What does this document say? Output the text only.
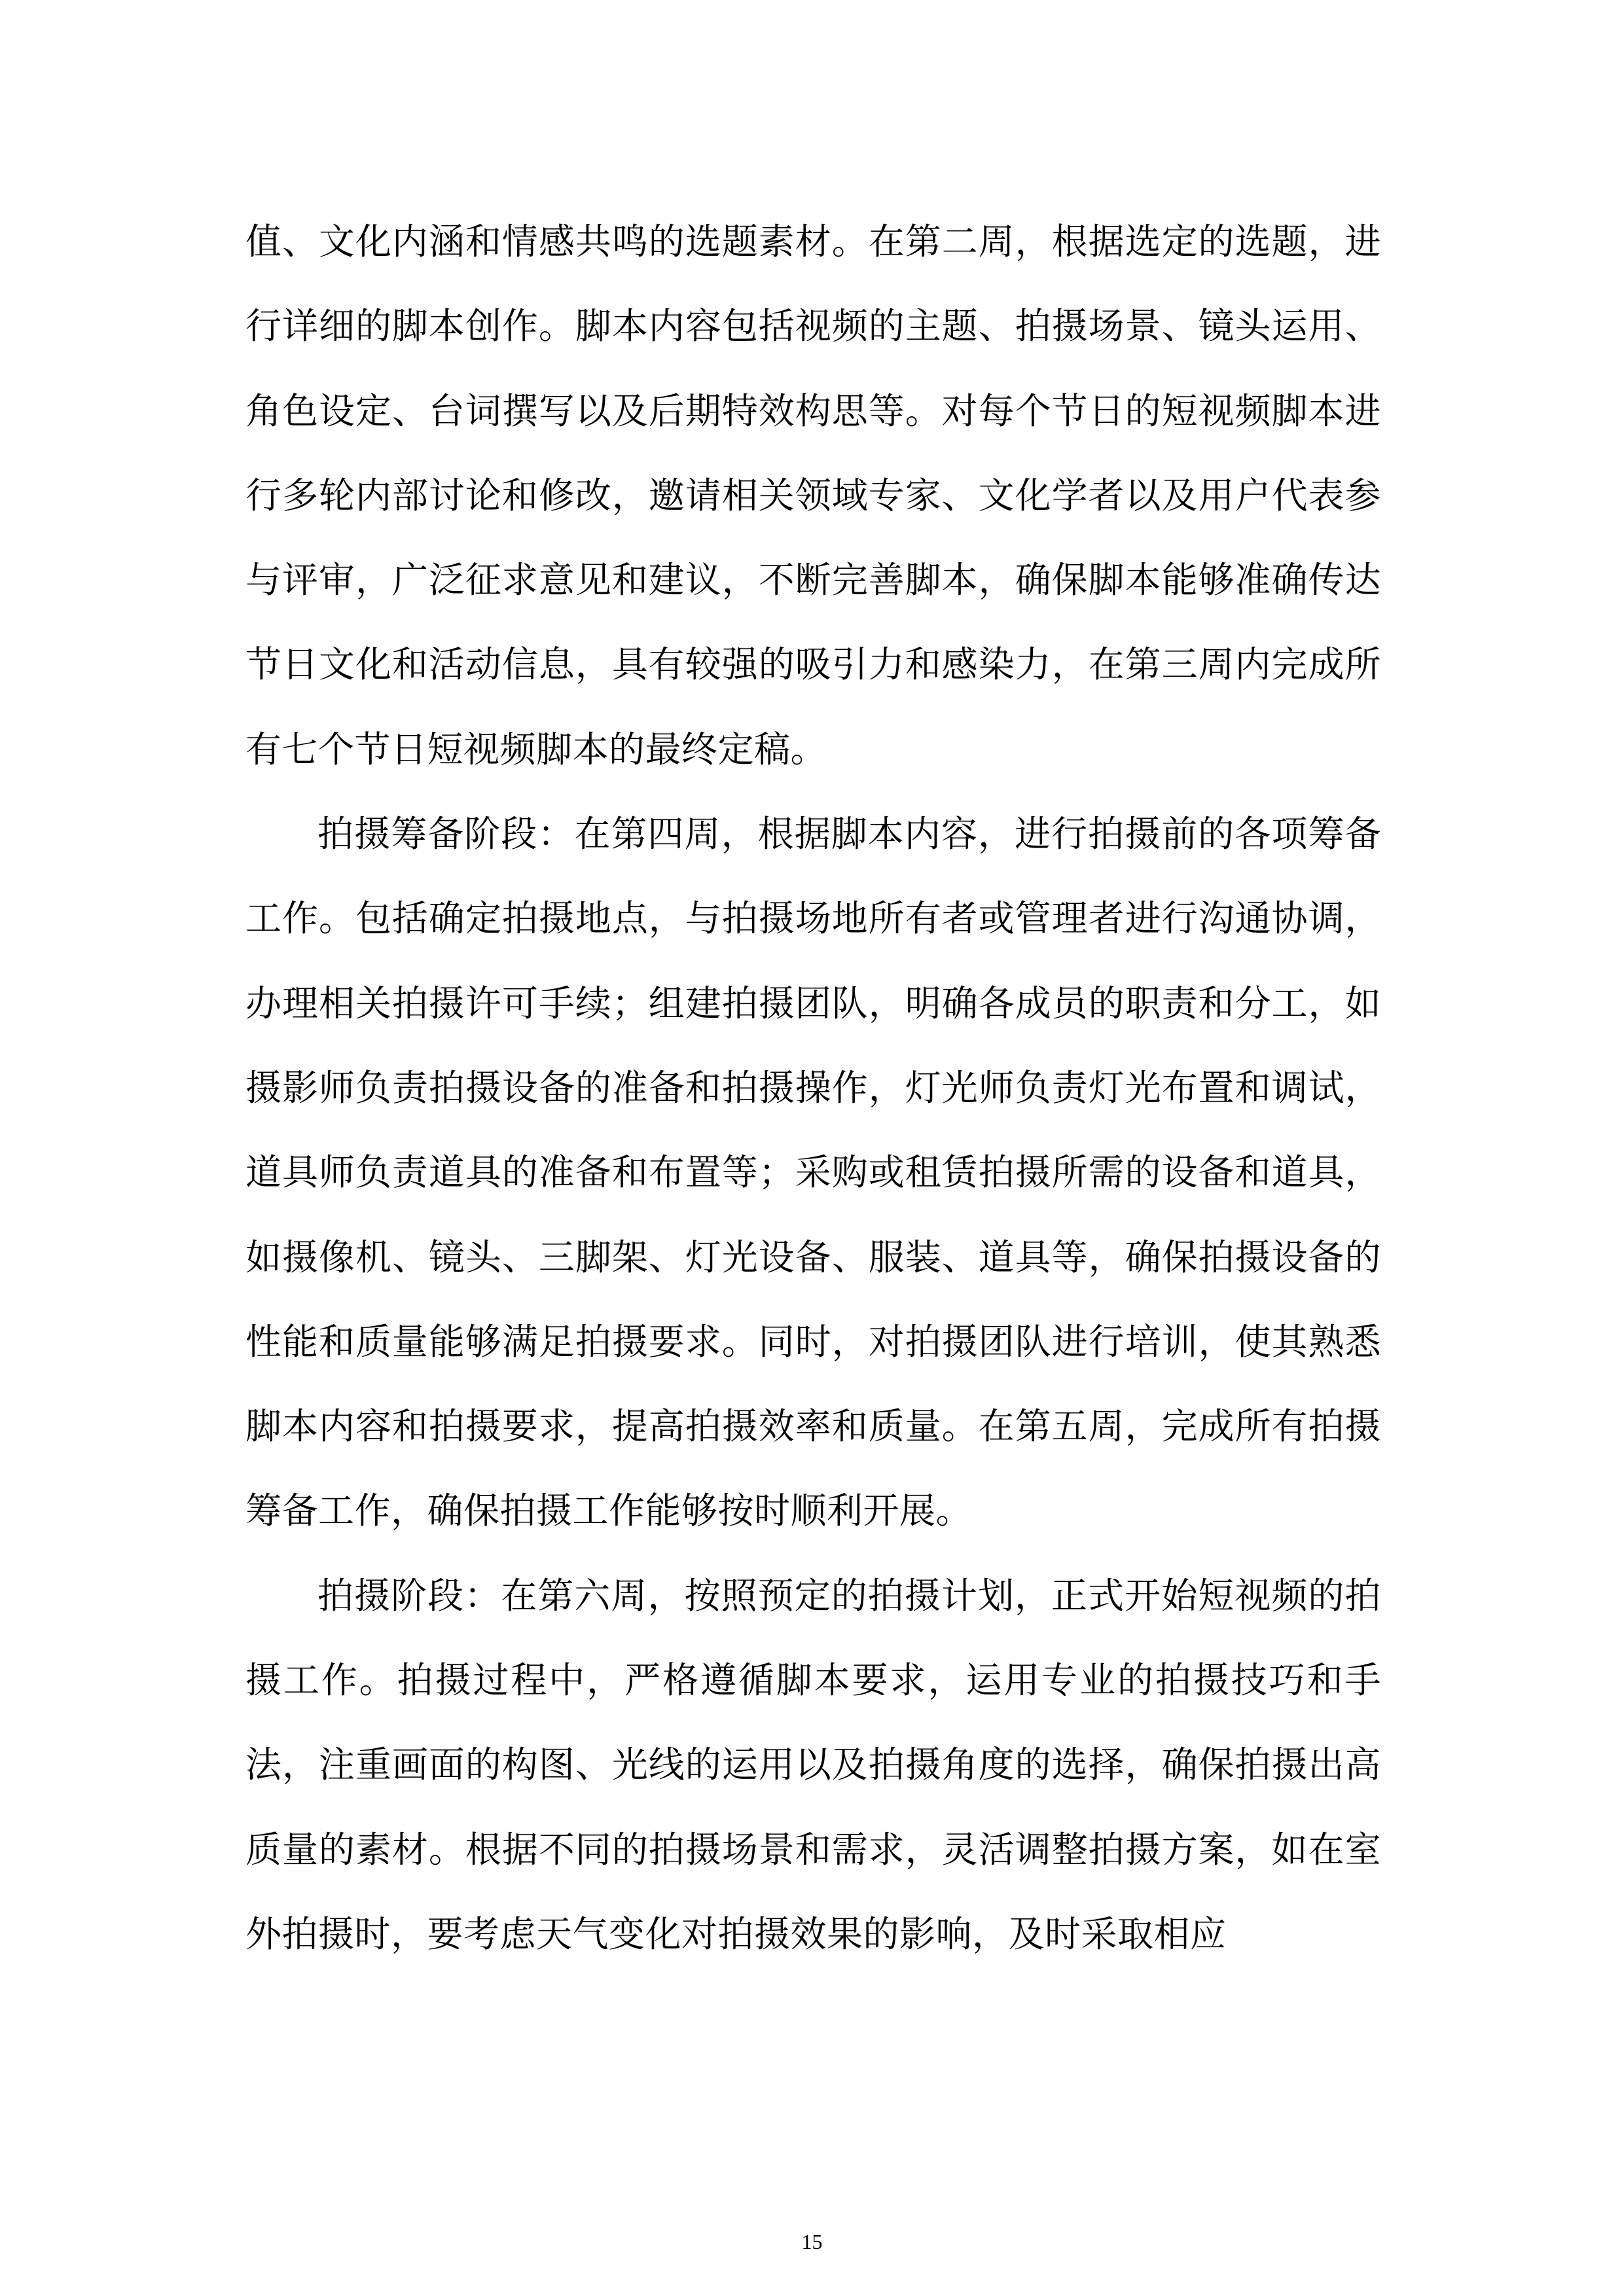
值、文化内涵和情感共鸣的选题素材。在第二周，根据选定的选题，进行详细的脚本创作。脚本内容包括视频的主题、拍摄场景、镜头运用、角色设定、台词撰写以及后期特效构思等。对每个节日的短视频脚本进行多轮内部讨论和修改，邀请相关领域专家、文化学者以及用户代表参与评审，广泛征求意见和建议，不断完善脚本，确保脚本能够准确传达节日文化和活动信息，具有较强的吸引力和感染力，在第三周内完成所有七个节日短视频脚本的最终定稿。

拍摄筹备阶段：在第四周，根据脚本内容，进行拍摄前的各项筹备工作。包括确定拍摄地点，与拍摄场地所有者或管理者进行沟通协调，办理相关拍摄许可手续；组建拍摄团队，明确各成员的职责和分工，如摄影师负责拍摄设备的准备和拍摄操作，灯光师负责灯光布置和调试，道具师负责道具的准备和布置等；采购或租赁拍摄所需的设备和道具，如摄像机、镜头、三脚架、灯光设备、服装、道具等，确保拍摄设备的性能和质量能够满足拍摄要求。同时，对拍摄团队进行培训，使其熟悉脚本内容和拍摄要求，提高拍摄效率和质量。在第五周，完成所有拍摄筹备工作，确保拍摄工作能够按时顺利开展。

拍摄阶段：在第六周，按照预定的拍摄计划，正式开始短视频的拍摄工作。拍摄过程中，严格遵循脚本要求，运用专业的拍摄技巧和手法，注重画面的构图、光线的运用以及拍摄角度的选择，确保拍摄出高质量的素材。根据不同的拍摄场景和需求，灵活调整拍摄方案，如在室外拍摄时，要考虑天气变化对拍摄效果的影响，及时采取相应

15
